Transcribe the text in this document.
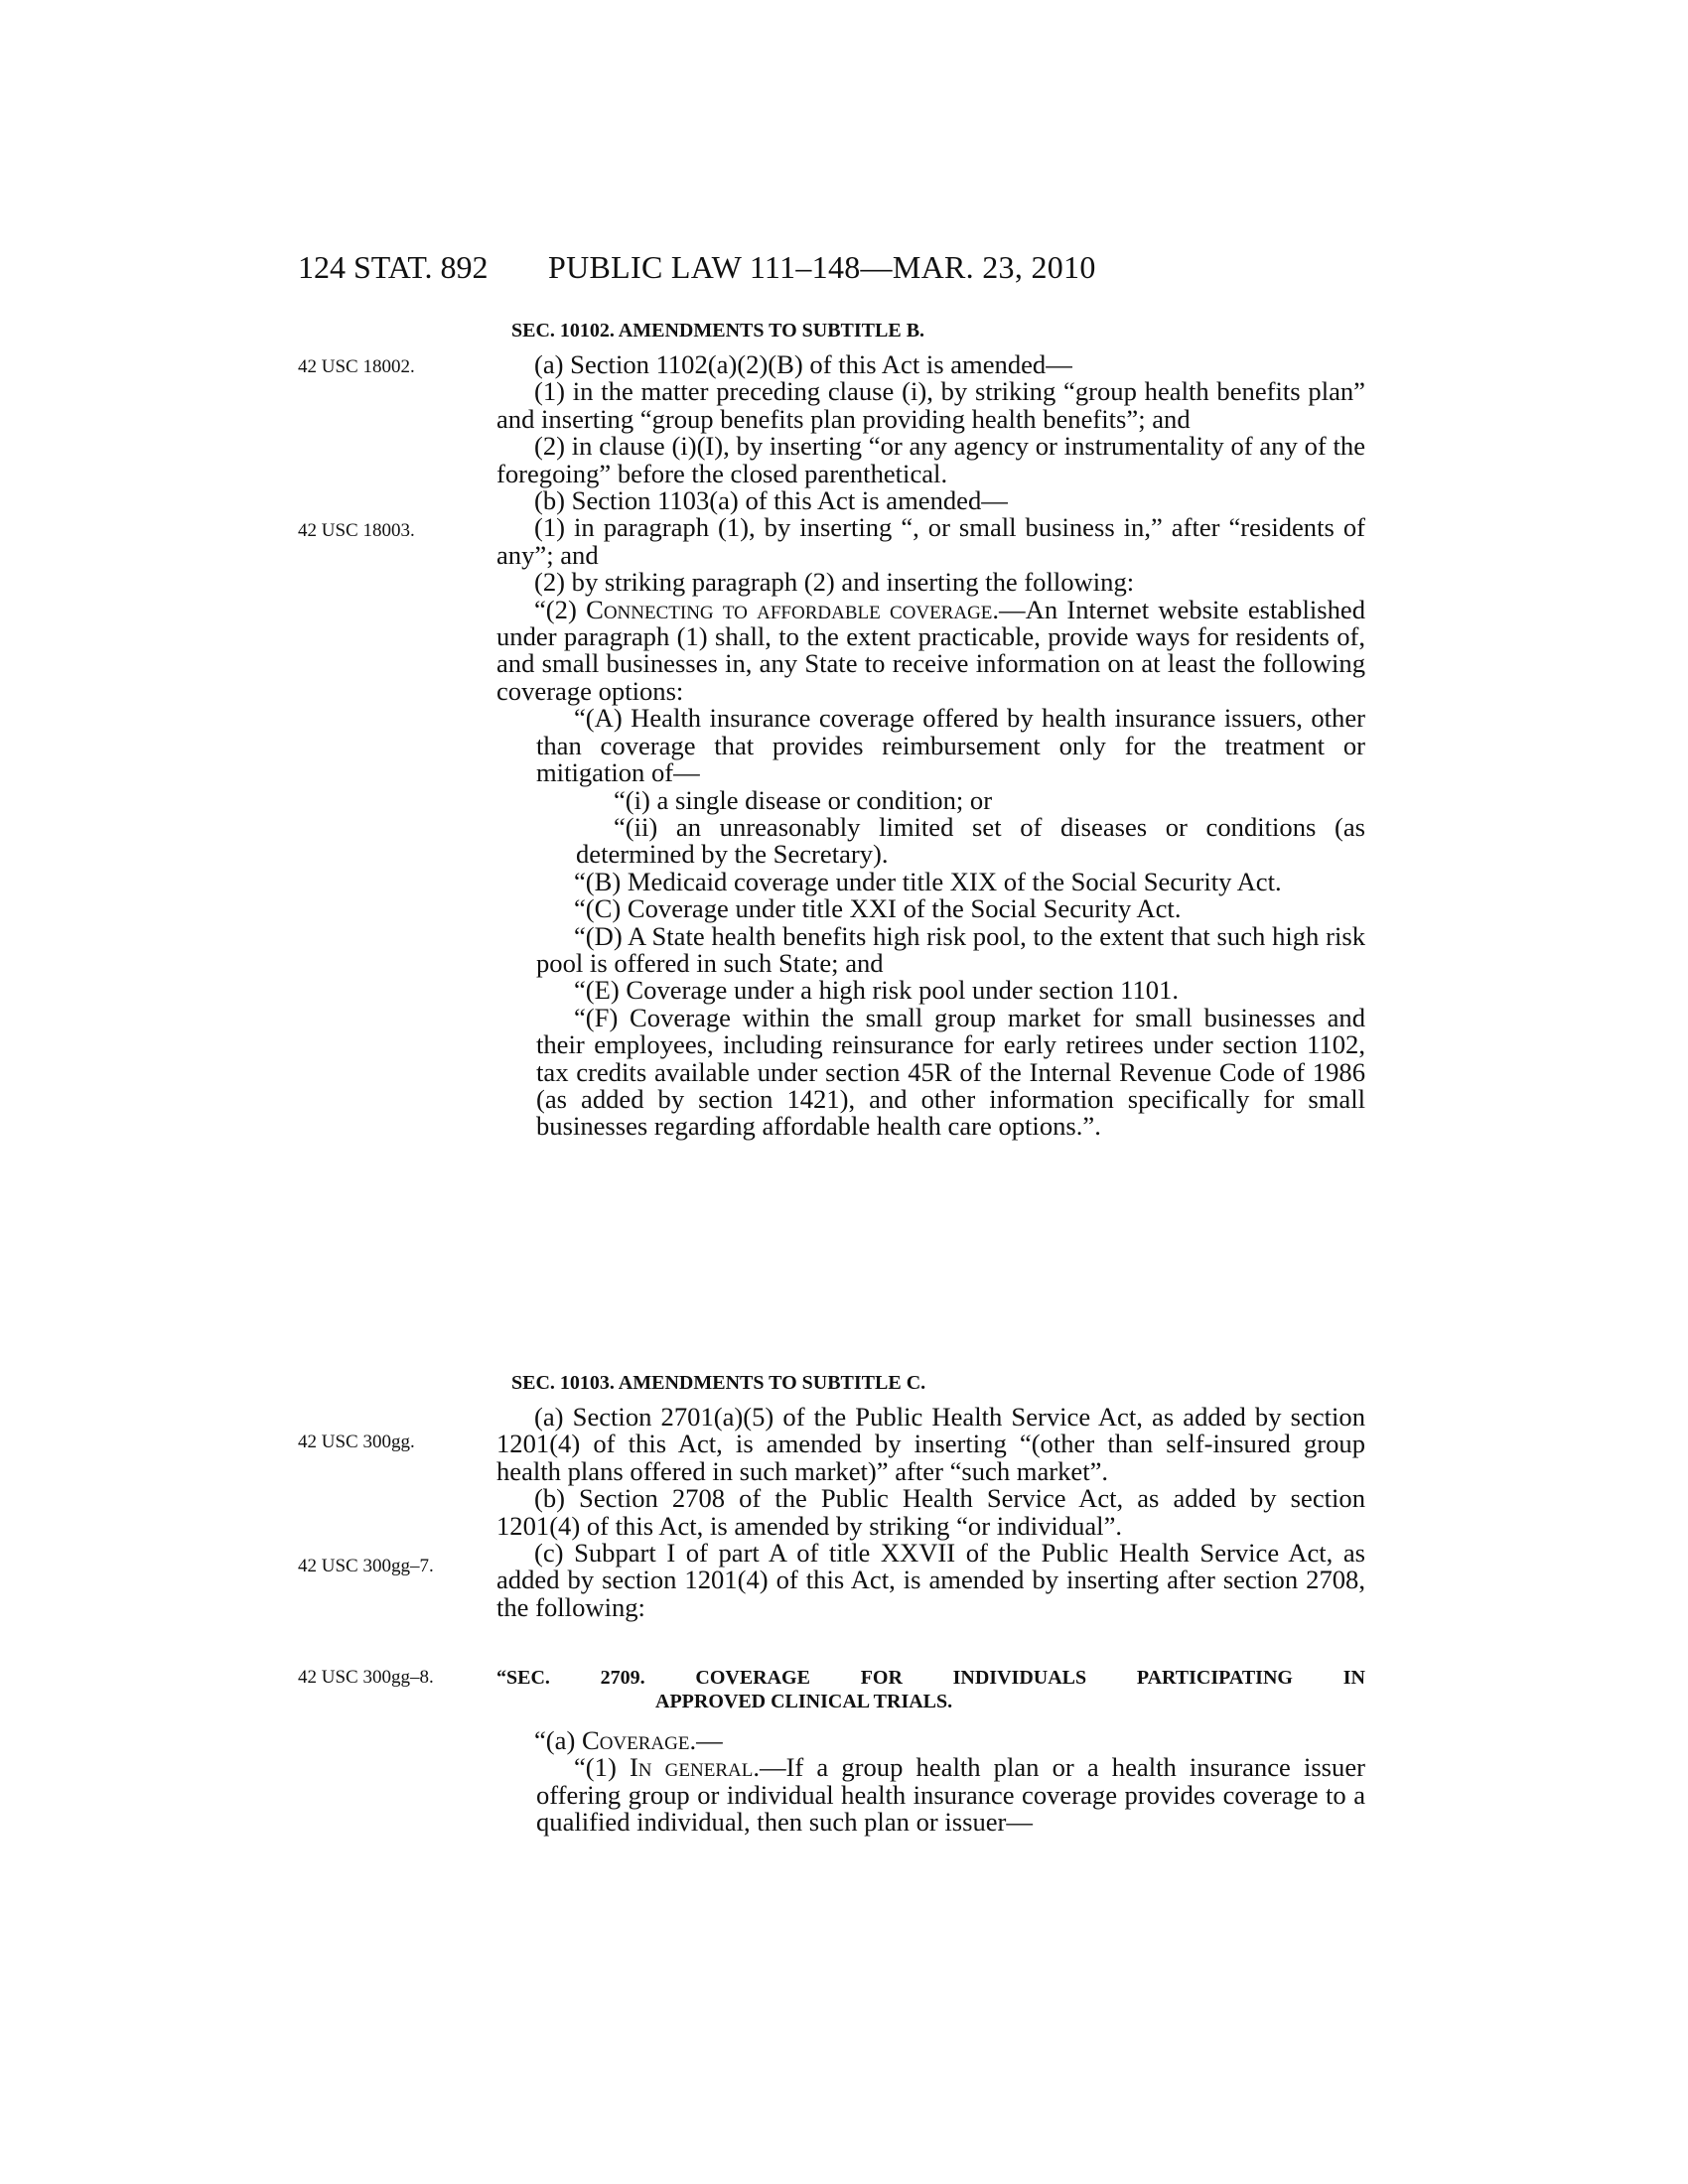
124 STAT. 892 PUBLIC LAW 111–148—MAR. 23, 2010
SEC. 10102. AMENDMENTS TO SUBTITLE B.
42 USC 18002.
42 USC 18003.

(a) Section 1102(a)(2)(B) of this Act is amended—

(1) in the matter preceding clause (i), by striking “group health benefits plan” and inserting “group benefits plan providing health benefits”; and

(2) in clause (i)(I), by inserting “or any agency or instrumentality of any of the foregoing” before the closed parenthetical.

(b) Section 1103(a) of this Act is amended—

(1) in paragraph (1), by inserting “, or small business in,” after “residents of any”; and

(2) by striking paragraph (2) and inserting the following:

“(2) Connecting to affordable coverage.—An Internet website established under paragraph (1) shall, to the extent practicable, provide ways for residents of, and small businesses in, any State to receive information on at least the following coverage options:

“(A) Health insurance coverage offered by health insurance issuers, other than coverage that provides reimbursement only for the treatment or mitigation of—

“(i) a single disease or condition; or

“(ii) an unreasonably limited set of diseases or conditions (as determined by the Secretary).

“(B) Medicaid coverage under title XIX of the Social Security Act.

“(C) Coverage under title XXI of the Social Security Act.

“(D) A State health benefits high risk pool, to the extent that such high risk pool is offered in such State; and

“(E) Coverage under a high risk pool under section 1101.

“(F) Coverage within the small group market for small businesses and their employees, including reinsurance for early retirees under section 1102, tax credits available under section 45R of the Internal Revenue Code of 1986 (as added by section 1421), and other information specifically for small businesses regarding affordable health care options.”.

SEC. 10103. AMENDMENTS TO SUBTITLE C.
42 USC 300gg.
42 USC 300gg–7.
42 USC 300gg–8.

(a) Section 2701(a)(5) of the Public Health Service Act, as added by section 1201(4) of this Act, is amended by inserting “(other than self-insured group health plans offered in such market)” after “such market”.

(b) Section 2708 of the Public Health Service Act, as added by section 1201(4) of this Act, is amended by striking “or individual”.

(c) Subpart I of part A of title XXVII of the Public Health Service Act, as added by section 1201(4) of this Act, is amended by inserting after section 2708, the following:

“SEC.	2709.	COVERAGE	FOR	INDIVIDUALS	PARTICIPATING	IN
APPROVED CLINICAL TRIALS.

“(a) Coverage.—

“(1) In general.—If a group health plan or a health insurance issuer offering group or individual health insurance coverage provides coverage to a qualified individual, then such plan or issuer—
